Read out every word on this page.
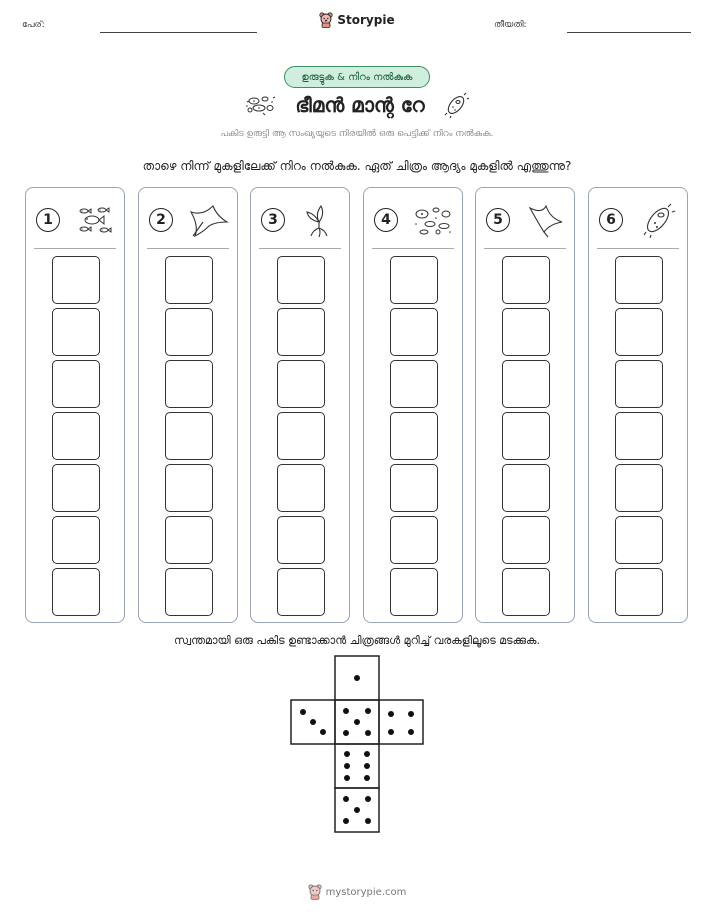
പേര്:	Storypie	തീയതി:
ഉരുട്ടുക & നിറം നൽകുക
ഭീമൻ മാന്റ റേ
പകിട ഉരുട്ടി ആ സംഖ്യയുടെ നിരയിൽ ഒരു പെട്ടിക്ക് നിറം നൽകുക.
താഴെ നിന്ന് മുകളിലേക്ക് നിറം നൽകുക. ഏത് ചിത്രം ആദ്യം മുകളിൽ എത്തുന്നു?
1	2	3	4	5	6
സ്വന്തമായി ഒരു പകിട ഉണ്ടാക്കാൻ ചിത്രങ്ങൾ മുറിച്ച് വരകളിലൂടെ മടക്കുക.
mystorypie.com
